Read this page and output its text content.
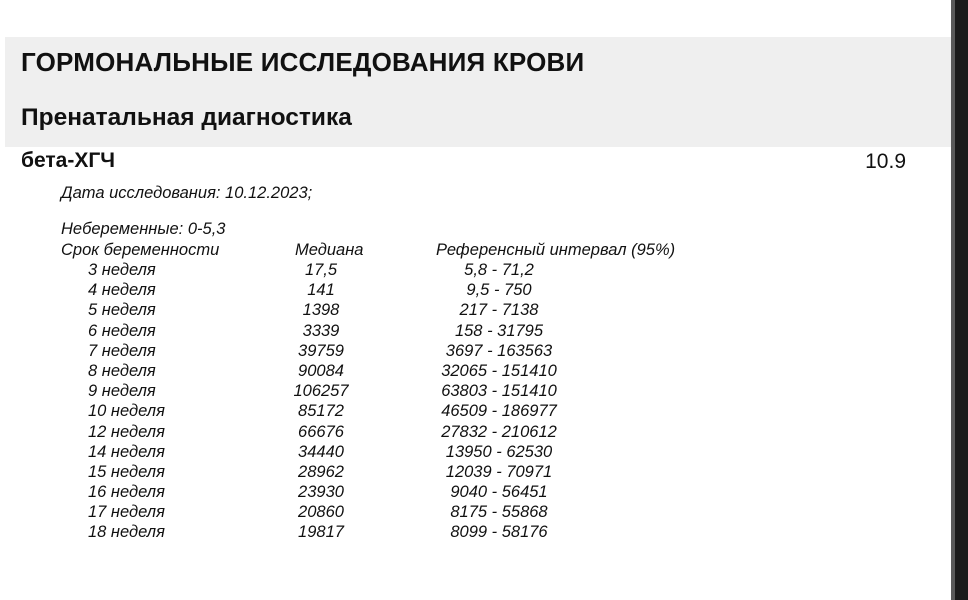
ГОРМОНАЛЬНЫЕ ИССЛЕДОВАНИЯ КРОВИ
Пренатальная диагностика
бета-ХГЧ	10.9
Дата исследования: 10.12.2023;
Небеременные: 0-5,3
Срок беременности	Медиана	Референсный интервал (95%)
3 неделя	17,5	5,8 - 71,2
4 неделя	141	9,5 - 750
5 неделя	1398	217 - 7138
6 неделя	3339	158 - 31795
7 неделя	39759	3697 - 163563
8 неделя	90084	32065 - 151410
9 неделя	106257	63803 - 151410
10 неделя	85172	46509 - 186977
12 неделя	66676	27832 - 210612
14 неделя	34440	13950 - 62530
15 неделя	28962	12039 - 70971
16 неделя	23930	9040 - 56451
17 неделя	20860	8175 - 55868
18 неделя	19817	8099 - 58176
